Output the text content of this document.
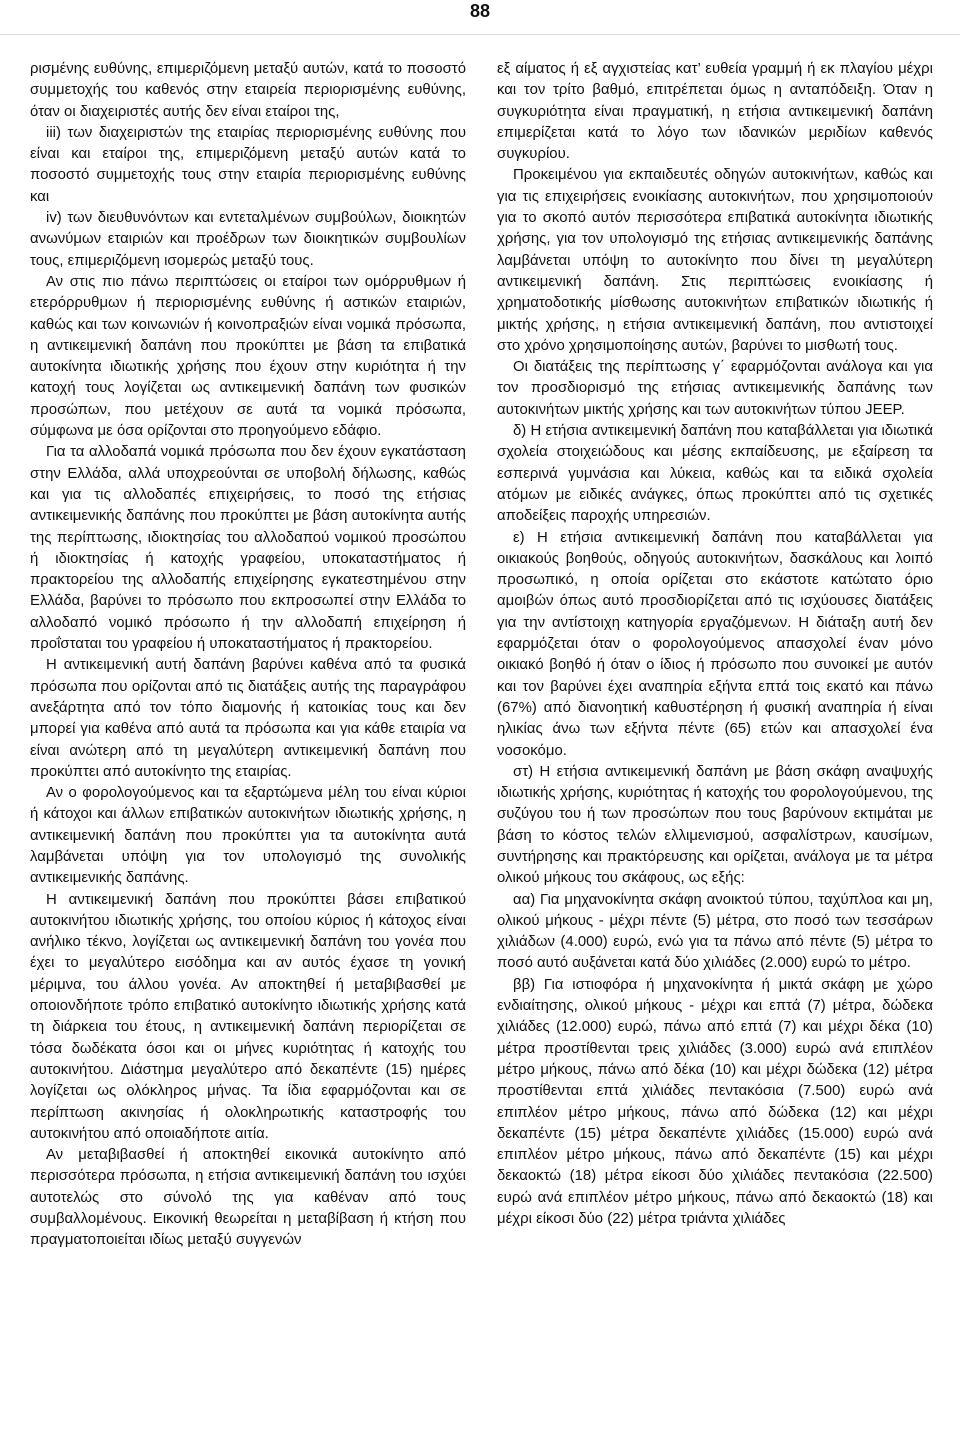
88

ρισμένης ευθύνης, επιμεριζόμενη μεταξύ αυτών, κατά το ποσοστό συμμετοχής του καθενός στην εταιρεία περιορισμένης ευθύνης, όταν οι διαχειριστές αυτής δεν είναι εταίροι της,

iii) των διαχειριστών της εταιρίας περιορισμένης ευθύνης που είναι και εταίροι της, επιμεριζόμενη μεταξύ αυτών κατά το ποσοστό συμμετοχής τους στην εταιρία περιορισμένης ευθύνης και

iv) των διευθυνόντων και εντεταλμένων συμβούλων, διοικητών ανωνύμων εταιριών και προέδρων των διοικητικών συμβουλίων τους, επιμεριζόμενη ισομερώς μεταξύ τους.

Αν στις πιο πάνω περιπτώσεις οι εταίροι των ομόρρυθμων ή ετερόρρυθμων ή περιορισμένης ευθύνης ή αστικών εταιριών, καθώς και των κοινωνιών ή κοινοπραξιών είναι νομικά πρόσωπα, η αντικειμενική δαπάνη που προκύπτει με βάση τα επιβατικά αυτοκίνητα ιδιωτικής χρήσης που έχουν στην κυριότητα ή την κατοχή τους λογίζεται ως αντικειμενική δαπάνη των φυσικών προσώπων, που μετέχουν σε αυτά τα νομικά πρόσωπα, σύμφωνα με όσα ορίζονται στο προηγούμενο εδάφιο.

Για τα αλλοδαπά νομικά πρόσωπα που δεν έχουν εγκατάσταση στην Ελλάδα, αλλά υποχρεούνται σε υποβολή δήλωσης, καθώς και για τις αλλοδαπές επιχειρήσεις, το ποσό της ετήσιας αντικειμενικής δαπάνης που προκύπτει με βάση αυτοκίνητα αυτής της περίπτωσης, ιδιοκτησίας του αλλοδαπού νομικού προσώπου ή ιδιοκτησίας ή κατοχής γραφείου, υποκαταστήματος ή πρακτορείου της αλλοδαπής επιχείρησης εγκατεστημένου στην Ελλάδα, βαρύνει το πρόσωπο που εκπροσωπεί στην Ελλάδα το αλλοδαπό νομικό πρόσωπο ή την αλλοδαπή επιχείρηση ή προΐσταται του γραφείου ή υποκαταστήματος ή πρακτορείου.

Η αντικειμενική αυτή δαπάνη βαρύνει καθένα από τα φυσικά πρόσωπα που ορίζονται από τις διατάξεις αυτής της παραγράφου ανεξάρτητα από τον τόπο διαμονής ή κατοικίας τους και δεν μπορεί για καθένα από αυτά τα πρόσωπα και για κάθε εταιρία να είναι ανώτερη από τη μεγαλύτερη αντικειμενική δαπάνη που προκύπτει από αυτοκίνητο της εταιρίας.

Αν ο φορολογούμενος και τα εξαρτώμενα μέλη του είναι κύριοι ή κάτοχοι και άλλων επιβατικών αυτοκινήτων ιδιωτικής χρήσης, η αντικειμενική δαπάνη που προκύπτει για τα αυτοκίνητα αυτά λαμβάνεται υπόψη για τον υπολογισμό της συνολικής αντικειμενικής δαπάνης.

Η αντικειμενική δαπάνη που προκύπτει βάσει επιβατικού αυτοκινήτου ιδιωτικής χρήσης, του οποίου κύριος ή κάτοχος είναι ανήλικο τέκνο, λογίζεται ως αντικειμενική δαπάνη του γονέα που έχει το μεγαλύτερο εισόδημα και αν αυτός έχασε τη γονική μέριμνα, του άλλου γονέα. Αν αποκτηθεί ή μεταβιβασθεί με οποιονδήποτε τρόπο επιβατικό αυτοκίνητο ιδιωτικής χρήσης κατά τη διάρκεια του έτους, η αντικειμενική δαπάνη περιορίζεται σε τόσα δωδέκατα όσοι και οι μήνες κυριότητας ή κατοχής του αυτοκινήτου. Διάστημα μεγαλύτερο από δεκαπέντε (15) ημέρες λογίζεται ως ολόκληρος μήνας. Τα ίδια εφαρμόζονται και σε περίπτωση ακινησίας ή ολοκληρωτικής καταστροφής του αυτοκινήτου από οποιαδήποτε αιτία.

Αν μεταβιβασθεί ή αποκτηθεί εικονικά αυτοκίνητο από περισσότερα πρόσωπα, η ετήσια αντικειμενική δαπάνη του ισχύει αυτοτελώς στο σύνολό της για καθέναν από τους συμβαλλομένους. Εικονική θεωρείται η μεταβίβαση ή κτήση που πραγματοποιείται ιδίως μεταξύ συγγενών

εξ αίματος ή εξ αγχιστείας κατ’ ευθεία γραμμή ή εκ πλαγίου μέχρι και τον τρίτο βαθμό, επιτρέπεται όμως η ανταπόδειξη. Όταν η συγκυριότητα είναι πραγματική, η ετήσια αντικειμενική δαπάνη επιμερίζεται κατά το λόγο των ιδανικών μεριδίων καθενός συγκυρίου.

Προκειμένου για εκπαιδευτές οδηγών αυτοκινήτων, καθώς και για τις επιχειρήσεις ενοικίασης αυτοκινήτων, που χρησιμοποιούν για το σκοπό αυτόν περισσότερα επιβατικά αυτοκίνητα ιδιωτικής χρήσης, για τον υπολογισμό της ετήσιας αντικειμενικής δαπάνης λαμβάνεται υπόψη το αυτοκίνητο που δίνει τη μεγαλύτερη αντικειμενική δαπάνη. Στις περιπτώσεις ενοικίασης ή χρηματοδοτικής μίσθωσης αυτοκινήτων επιβατικών ιδιωτικής ή μικτής χρήσης, η ετήσια αντικειμενική δαπάνη, που αντιστοιχεί στο χρόνο χρησιμοποίησης αυτών, βαρύνει το μισθωτή τους.

Οι διατάξεις της περίπτωσης γ΄ εφαρμόζονται ανάλογα και για τον προσδιορισμό της ετήσιας αντικειμενικής δαπάνης των αυτοκινήτων μικτής χρήσης και των αυτοκινήτων τύπου JEEP.

δ) Η ετήσια αντικειμενική δαπάνη που καταβάλλεται για ιδιωτικά σχολεία στοιχειώδους και μέσης εκπαίδευσης, με εξαίρεση τα εσπερινά γυμνάσια και λύκεια, καθώς και τα ειδικά σχολεία ατόμων με ειδικές ανάγκες, όπως προκύπτει από τις σχετικές αποδείξεις παροχής υπηρεσιών.

ε) Η ετήσια αντικειμενική δαπάνη που καταβάλλεται για οικιακούς βοηθούς, οδηγούς αυτοκινήτων, δασκάλους και λοιπό προσωπικό, η οποία ορίζεται στο εκάστοτε κατώτατο όριο αμοιβών όπως αυτό προσδιορίζεται από τις ισχύουσες διατάξεις για την αντίστοιχη κατηγορία εργαζόμενων. Η διάταξη αυτή δεν εφαρμόζεται όταν ο φορολογούμενος απασχολεί έναν μόνο οικιακό βοηθό ή όταν ο ίδιος ή πρόσωπο που συνοικεί με αυτόν και τον βαρύνει έχει αναπηρία εξήντα επτά τοις εκατό και πάνω (67%) από διανοητική καθυστέρηση ή φυσική αναπηρία ή είναι ηλικίας άνω των εξήντα πέντε (65) ετών και απασχολεί ένα νοσοκόμο.

στ) Η ετήσια αντικειμενική δαπάνη με βάση σκάφη αναψυχής ιδιωτικής χρήσης, κυριότητας ή κατοχής του φορολογούμενου, της συζύγου του ή των προσώπων που τους βαρύνουν εκτιμάται με βάση το κόστος τελών ελλιμενισμού, ασφαλίστρων, καυσίμων, συντήρησης και πρακτόρευσης και ορίζεται, ανάλογα με τα μέτρα ολικού μήκους του σκάφους, ως εξής:

αα) Για μηχανοκίνητα σκάφη ανοικτού τύπου, ταχύπλοα και μη, ολικού μήκους - μέχρι πέντε (5) μέτρα, στο ποσό των τεσσάρων χιλιάδων (4.000) ευρώ, ενώ για τα πάνω από πέντε (5) μέτρα το ποσό αυτό αυξάνεται κατά δύο χιλιάδες (2.000) ευρώ το μέτρο.

ββ) Για ιστιοφόρα ή μηχανοκίνητα ή μικτά σκάφη με χώρο ενδιαίτησης, ολικού μήκους - μέχρι και επτά (7) μέτρα, δώδεκα χιλιάδες (12.000) ευρώ, πάνω από επτά (7) και μέχρι δέκα (10) μέτρα προστίθενται τρεις χιλιάδες (3.000) ευρώ ανά επιπλέον μέτρο μήκους, πάνω από δέκα (10) και μέχρι δώδεκα (12) μέτρα προστίθενται επτά χιλιάδες πεντακόσια (7.500) ευρώ ανά επιπλέον μέτρο μήκους, πάνω από δώδεκα (12) και μέχρι δεκαπέντε (15) μέτρα δεκαπέντε χιλιάδες (15.000) ευρώ ανά επιπλέον μέτρο μήκους, πάνω από δεκαπέντε (15) και μέχρι δεκαοκτώ (18) μέτρα είκοσι δύο χιλιάδες πεντακόσια (22.500) ευρώ ανά επιπλέον μέτρο μήκους, πάνω από δεκαοκτώ (18) και μέχρι είκοσι δύο (22) μέτρα τριάντα χιλιάδες
